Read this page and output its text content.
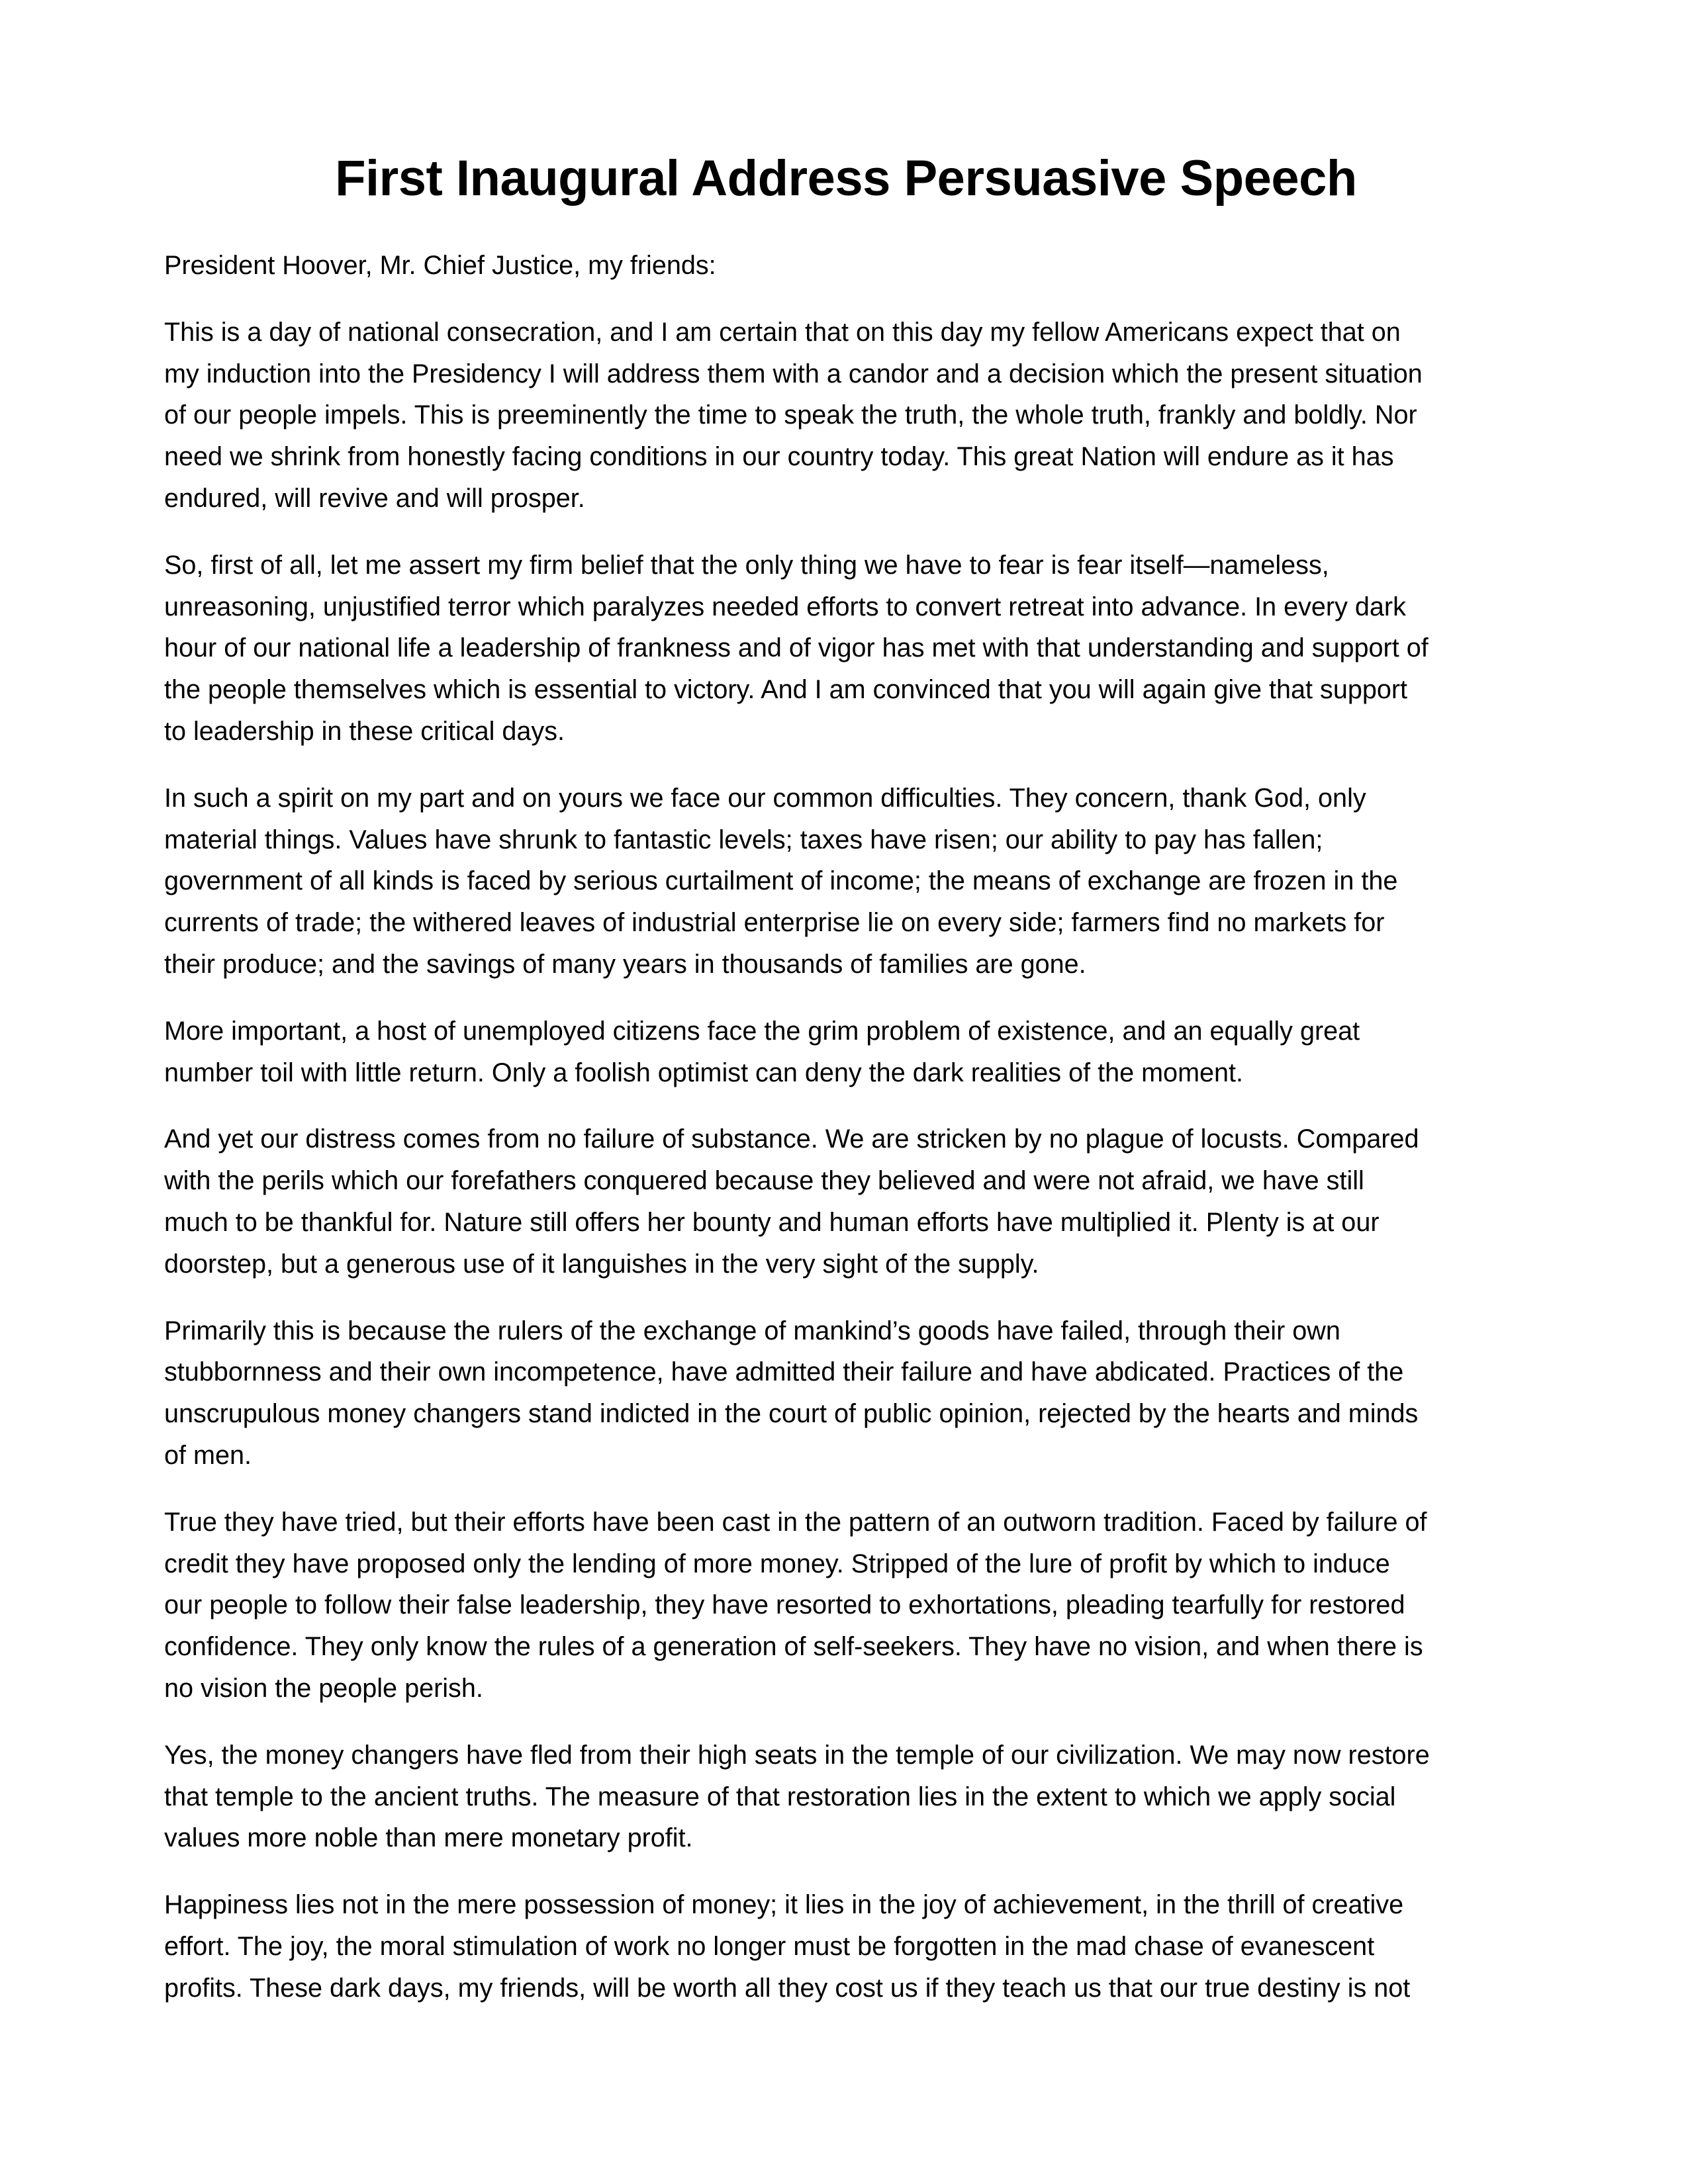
First Inaugural Address Persuasive Speech

President Hoover, Mr. Chief Justice, my friends:

This is a day of national consecration, and I am certain that on this day my fellow Americans expect that on
my induction into the Presidency I will address them with a candor and a decision which the present situation
of our people impels. This is preeminently the time to speak the truth, the whole truth, frankly and boldly. Nor
need we shrink from honestly facing conditions in our country today. This great Nation will endure as it has
endured, will revive and will prosper.

So, first of all, let me assert my firm belief that the only thing we have to fear is fear itself—nameless,
unreasoning, unjustified terror which paralyzes needed efforts to convert retreat into advance. In every dark
hour of our national life a leadership of frankness and of vigor has met with that understanding and support of
the people themselves which is essential to victory. And I am convinced that you will again give that support
to leadership in these critical days.

In such a spirit on my part and on yours we face our common difficulties. They concern, thank God, only
material things. Values have shrunk to fantastic levels; taxes have risen; our ability to pay has fallen;
government of all kinds is faced by serious curtailment of income; the means of exchange are frozen in the
currents of trade; the withered leaves of industrial enterprise lie on every side; farmers find no markets for
their produce; and the savings of many years in thousands of families are gone.

More important, a host of unemployed citizens face the grim problem of existence, and an equally great
number toil with little return. Only a foolish optimist can deny the dark realities of the moment.

And yet our distress comes from no failure of substance. We are stricken by no plague of locusts. Compared
with the perils which our forefathers conquered because they believed and were not afraid, we have still
much to be thankful for. Nature still offers her bounty and human efforts have multiplied it. Plenty is at our
doorstep, but a generous use of it languishes in the very sight of the supply.

Primarily this is because the rulers of the exchange of mankind’s goods have failed, through their own
stubbornness and their own incompetence, have admitted their failure and have abdicated. Practices of the
unscrupulous money changers stand indicted in the court of public opinion, rejected by the hearts and minds
of men.

True they have tried, but their efforts have been cast in the pattern of an outworn tradition. Faced by failure of
credit they have proposed only the lending of more money. Stripped of the lure of profit by which to induce
our people to follow their false leadership, they have resorted to exhortations, pleading tearfully for restored
confidence. They only know the rules of a generation of self-seekers. They have no vision, and when there is
no vision the people perish.

Yes, the money changers have fled from their high seats in the temple of our civilization. We may now restore
that temple to the ancient truths. The measure of that restoration lies in the extent to which we apply social
values more noble than mere monetary profit.

Happiness lies not in the mere possession of money; it lies in the joy of achievement, in the thrill of creative
effort. The joy, the moral stimulation of work no longer must be forgotten in the mad chase of evanescent
profits. These dark days, my friends, will be worth all they cost us if they teach us that our true destiny is not
